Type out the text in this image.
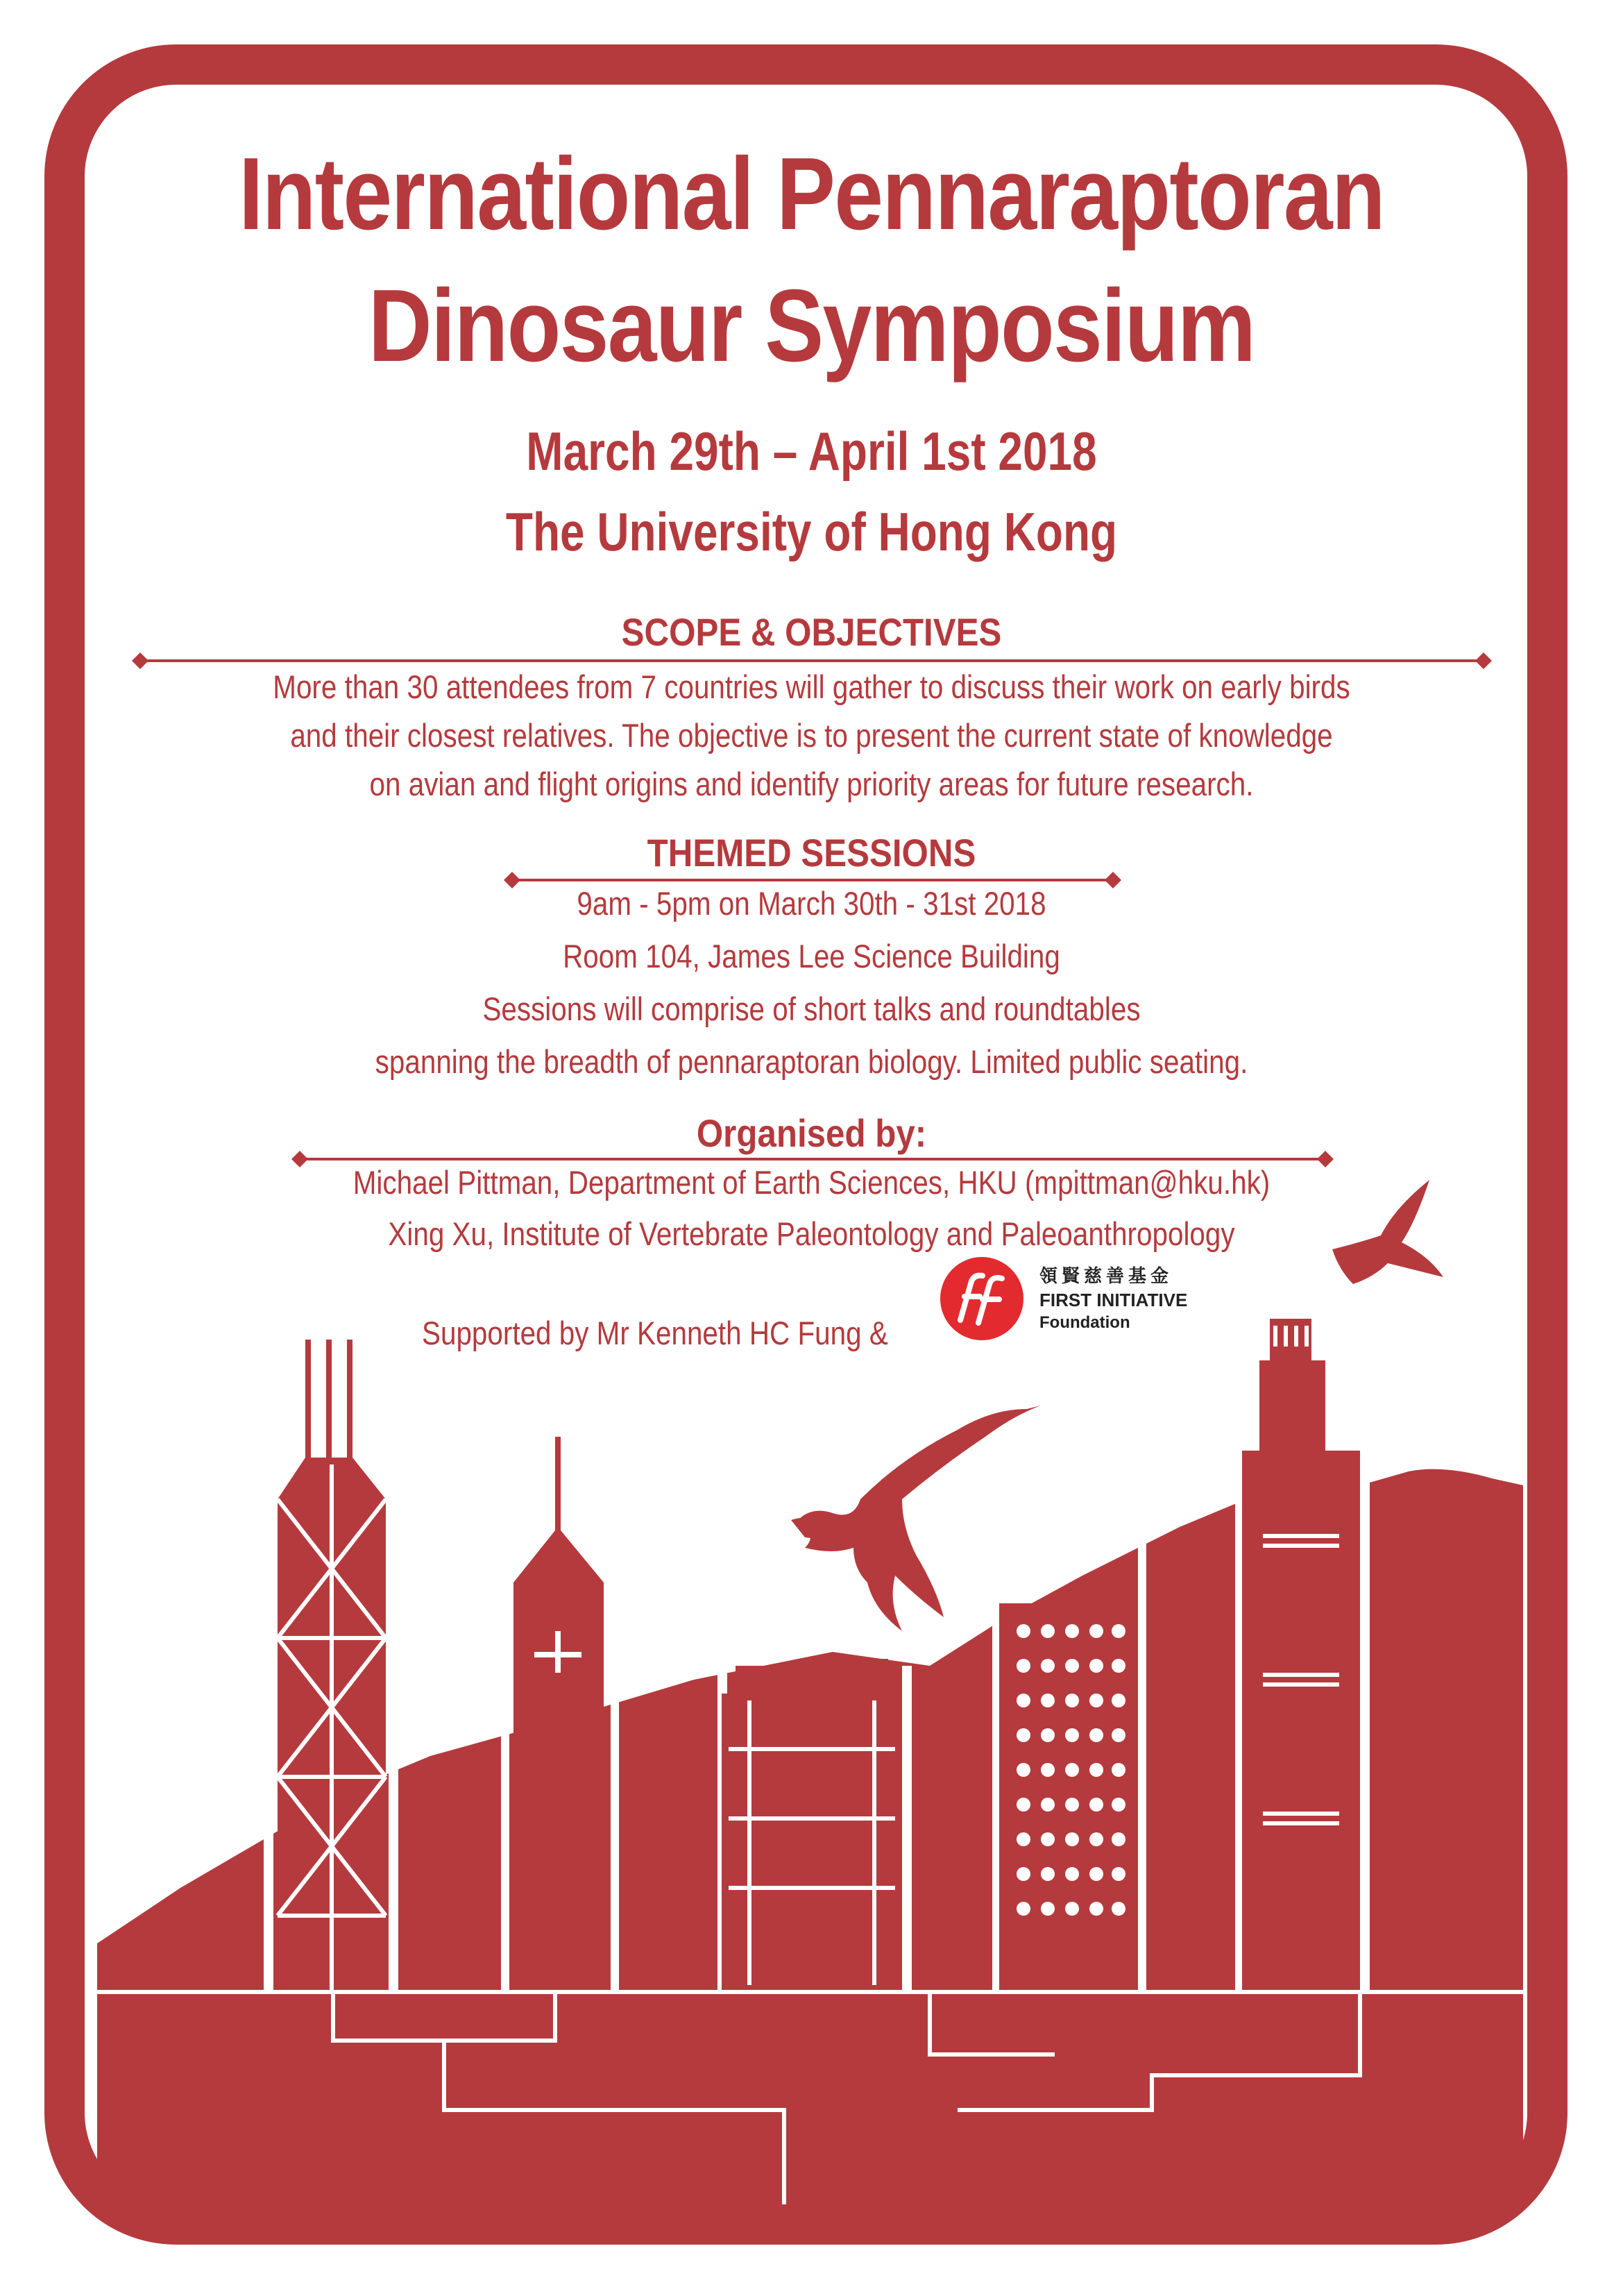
International Pennaraptoran
Dinosaur Symposium

March 29th – April 1st 2018

The University of Hong Kong

SCOPE & OBJECTIVES

More than 30 attendees from 7 countries will gather to discuss their work on early birds

and their closest relatives. The objective is to present the current state of knowledge

on avian and flight origins and identify priority areas for future research.

THEMED SESSIONS

9am - 5pm on March 30th - 31st 2018

Room 104, James Lee Science Building

Sessions will comprise of short talks and roundtables

spanning the breadth of pennaraptoran biology. Limited public seating.

Organised by:

Michael Pittman, Department of Earth Sciences, HKU (mpittman@hku.hk)

Xing Xu, Institute of Vertebrate Paleontology and Paleoanthropology

Supported by Mr Kenneth HC Fung &

領賢慈善基金
FIRST INITIATIVE
Foundation
